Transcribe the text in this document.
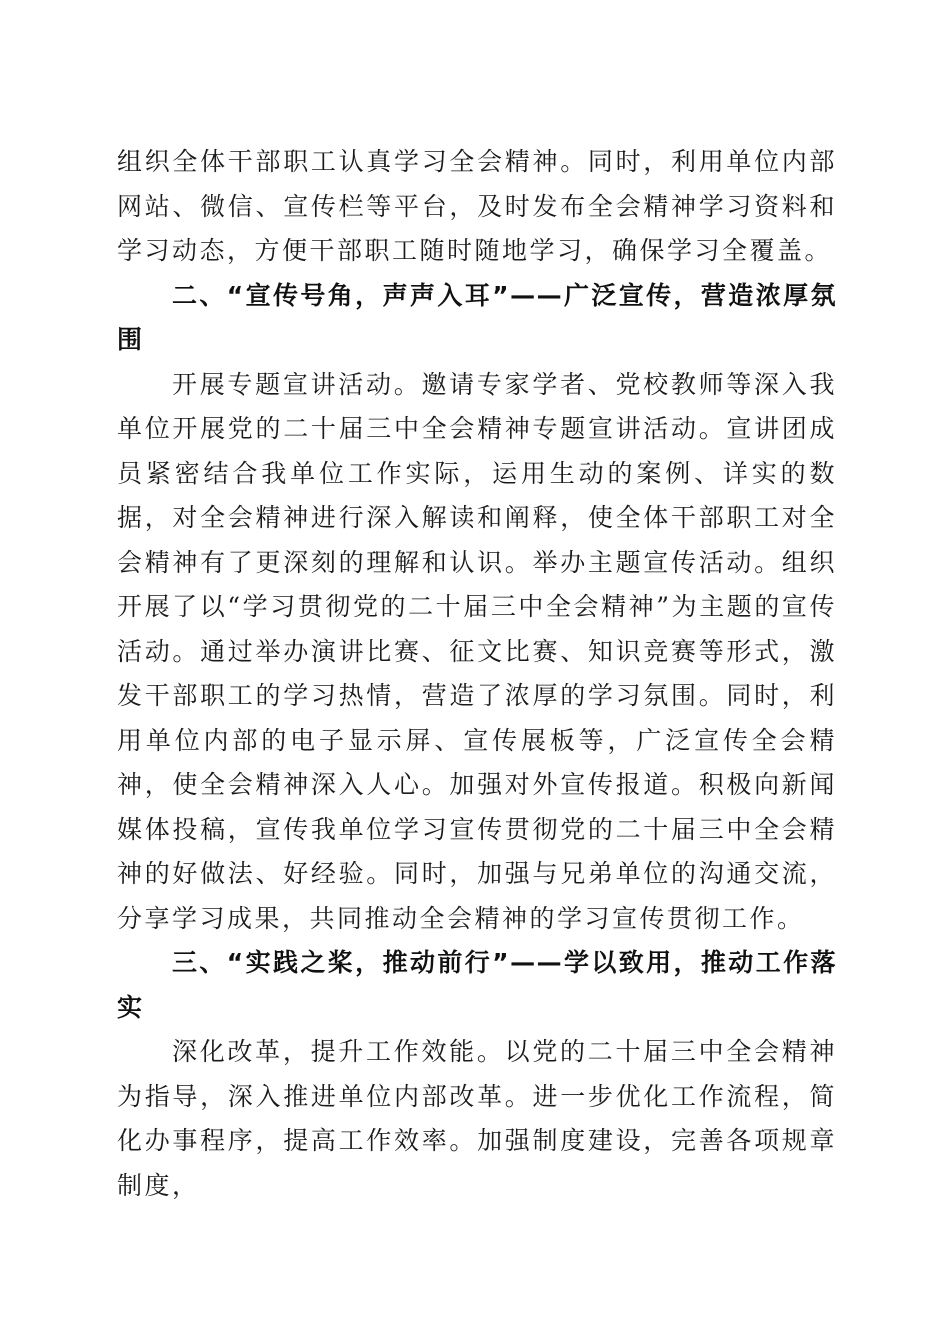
组织全体干部职工认真学习全会精神。同时，利用单位内部网站、微信、宣传栏等平台，及时发布全会精神学习资料和学习动态，方便干部职工随时随地学习，确保学习全覆盖。

二、“宣传号角，声声入耳”——广泛宣传，营造浓厚氛围

开展专题宣讲活动。邀请专家学者、党校教师等深入我单位开展党的二十届三中全会精神专题宣讲活动。宣讲团成员紧密结合我单位工作实际，运用生动的案例、详实的数据，对全会精神进行深入解读和阐释，使全体干部职工对全会精神有了更深刻的理解和认识。举办主题宣传活动。组织开展了以“学习贯彻党的二十届三中全会精神”为主题的宣传活动。通过举办演讲比赛、征文比赛、知识竞赛等形式，激发干部职工的学习热情，营造了浓厚的学习氛围。同时，利用单位内部的电子显示屏、宣传展板等，广泛宣传全会精神，使全会精神深入人心。加强对外宣传报道。积极向新闻媒体投稿，宣传我单位学习宣传贯彻党的二十届三中全会精神的好做法、好经验。同时，加强与兄弟单位的沟通交流，分享学习成果，共同推动全会精神的学习宣传贯彻工作。

三、“实践之桨，推动前行”——学以致用，推动工作落实

深化改革，提升工作效能。以党的二十届三中全会精神为指导，深入推进单位内部改革。进一步优化工作流程，简化办事程序，提高工作效率。加强制度建设，完善各项规章制度，
